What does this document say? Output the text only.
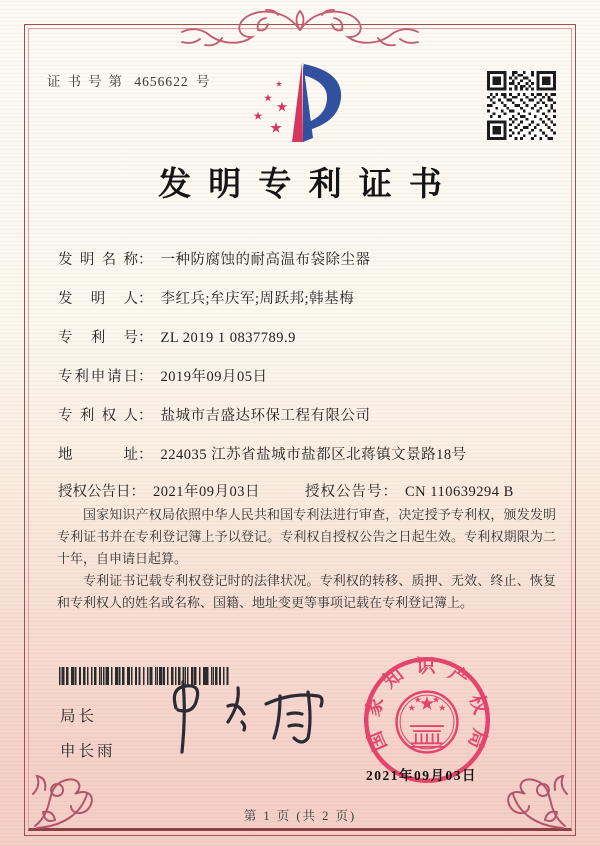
证书号第 4656622 号
发明专利证书
发明名称： 一种防腐蚀的耐高温布袋除尘器
发明人： 李红兵;牟庆军;周跃邦;韩基梅
专利号： ZL 2019 1 0837789.9
专利申请日： 2019年09月05日
专利权人： 盐城市吉盛达环保工程有限公司
地址： 224035 江苏省盐城市盐都区北蒋镇文景路18号
授权公告日： 2021年09月03日	授权公告号： CN 110639294 B

国家知识产权局依照中华人民共和国专利法进行审查，决定授予专利权，颁发发明专利证书并在专利登记簿上予以登记。专利权自授权公告之日起生效。专利权期限为二十年，自申请日起算。

专利证书记载专利权登记时的法律状况。专利权的转移、质押、无效、终止、恢复和专利权人的姓名或名称、国籍、地址变更等事项记载在专利登记簿上。

局长
申长雨	国家知识产权局
2021年09月03日
第 1 页 (共 2 页)
